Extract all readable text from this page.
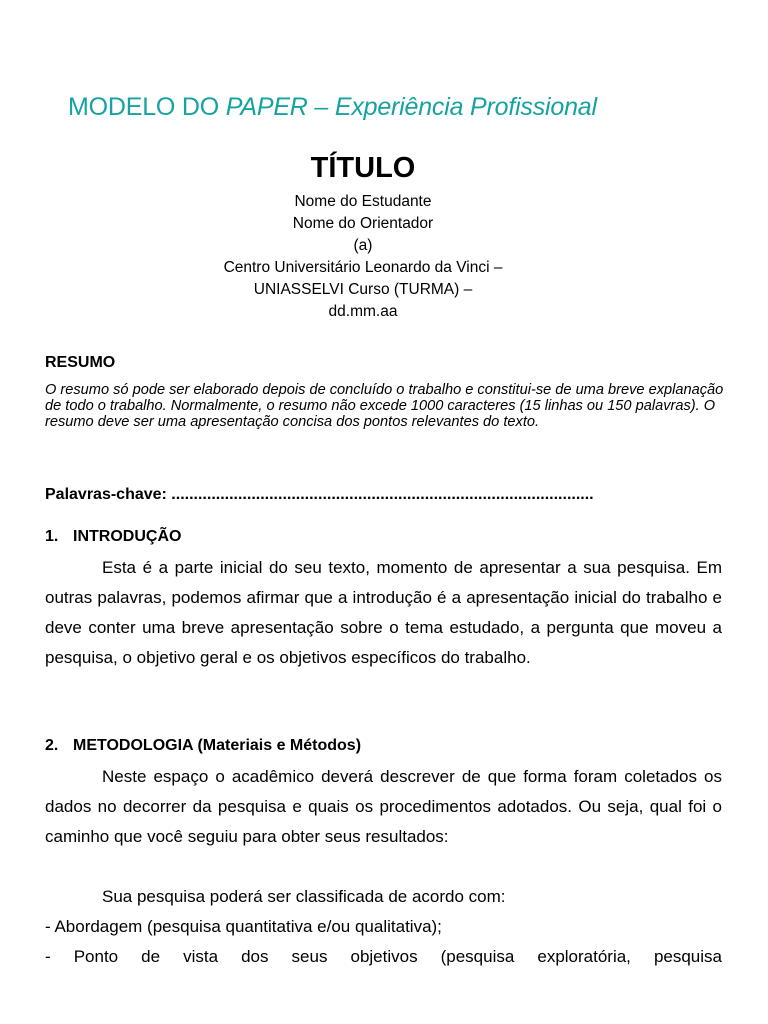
MODELO DO PAPER – Experiência Profissional
TÍTULO
Nome do Estudante
Nome do Orientador
(a)
Centro Universitário Leonardo da Vinci –
UNIASSELVI Curso (TURMA) –
dd.mm.aa
RESUMO
O resumo só pode ser elaborado depois de concluído o trabalho e constitui-se de uma breve explanação de todo o trabalho. Normalmente, o resumo não excede 1000 caracteres (15 linhas ou 150 palavras). O resumo deve ser uma apresentação concisa dos pontos relevantes do texto.
Palavras-chave: ...............................................................................................
1. INTRODUÇÃO

Esta é a parte inicial do seu texto, momento de apresentar a sua pesquisa. Em outras palavras, podemos afirmar que a introdução é a apresentação inicial do trabalho e deve conter uma breve apresentação sobre o tema estudado, a pergunta que moveu a pesquisa, o objetivo geral e os objetivos específicos do trabalho.

2. METODOLOGIA (Materiais e Métodos)

Neste espaço o acadêmico deverá descrever de que forma foram coletados os dados no decorrer da pesquisa e quais os procedimentos adotados. Ou seja, qual foi o caminho que você seguiu para obter seus resultados:

Sua pesquisa poderá ser classificada de acordo com:
- Abordagem (pesquisa quantitativa e/ou qualitativa);
- Ponto de vista dos seus objetivos (pesquisa exploratória, pesquisa
